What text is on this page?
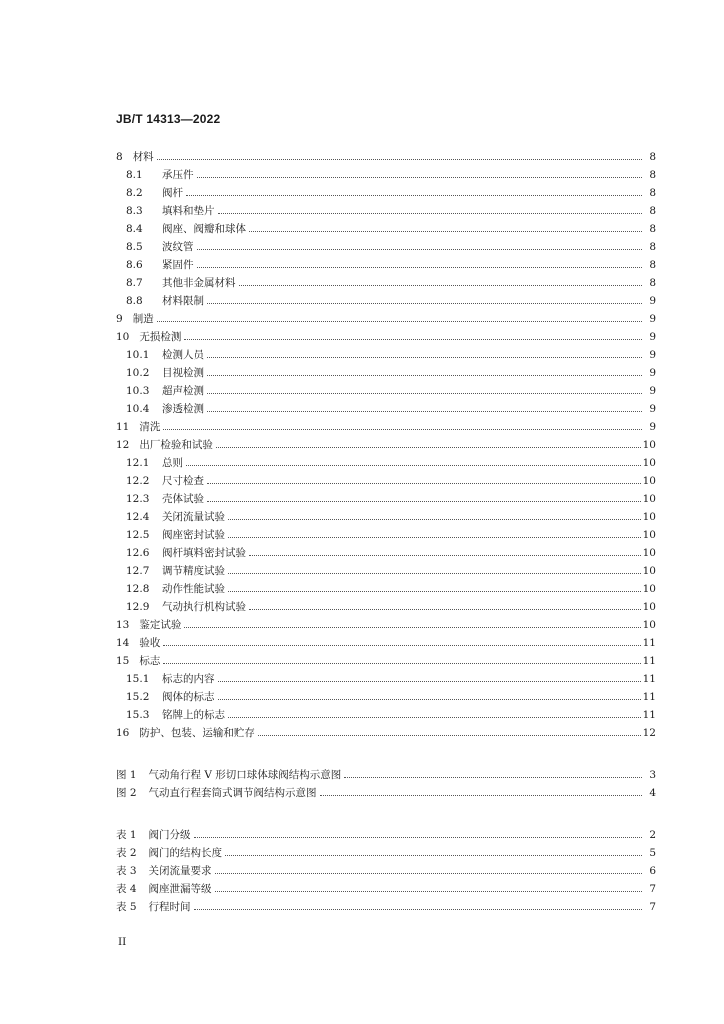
JB/T 14313—2022
8 材料	8
8.1	承压件	8
8.2	阀杆	8
8.3	填料和垫片	8
8.4	阀座、阀瓣和球体	8
8.5	波纹管	8
8.6	紧固件	8
8.7	其他非金属材料	8
8.8	材料限制	9
9 制造	9
10 无损检测	9
10.1 检测人员	9
10.2 目视检测	9
10.3 超声检测	9
10.4 渗透检测	9
11 清洗	9
12 出厂检验和试验	10
12.1 总则	10
12.2 尺寸检查	10
12.3 壳体试验	10
12.4 关闭流量试验	10
12.5 阀座密封试验	10
12.6 阀杆填料密封试验	10
12.7 调节精度试验	10
12.8 动作性能试验	10
12.9 气动执行机构试验	10
13 鉴定试验	10
14 验收	11
15 标志	11
15.1 标志的内容	11
15.2 阀体的标志	11
15.3 铭牌上的标志	11
16 防护、包装、运输和贮存	12
图 1 气动角行程 V 形切口球体球阀结构示意图	3
图 2 气动直行程套筒式调节阀结构示意图	4
表 1 阀门分级	2
表 2 阀门的结构长度	5
表 3 关闭流量要求	6
表 4 阀座泄漏等级	7
表 5 行程时间	7
II
